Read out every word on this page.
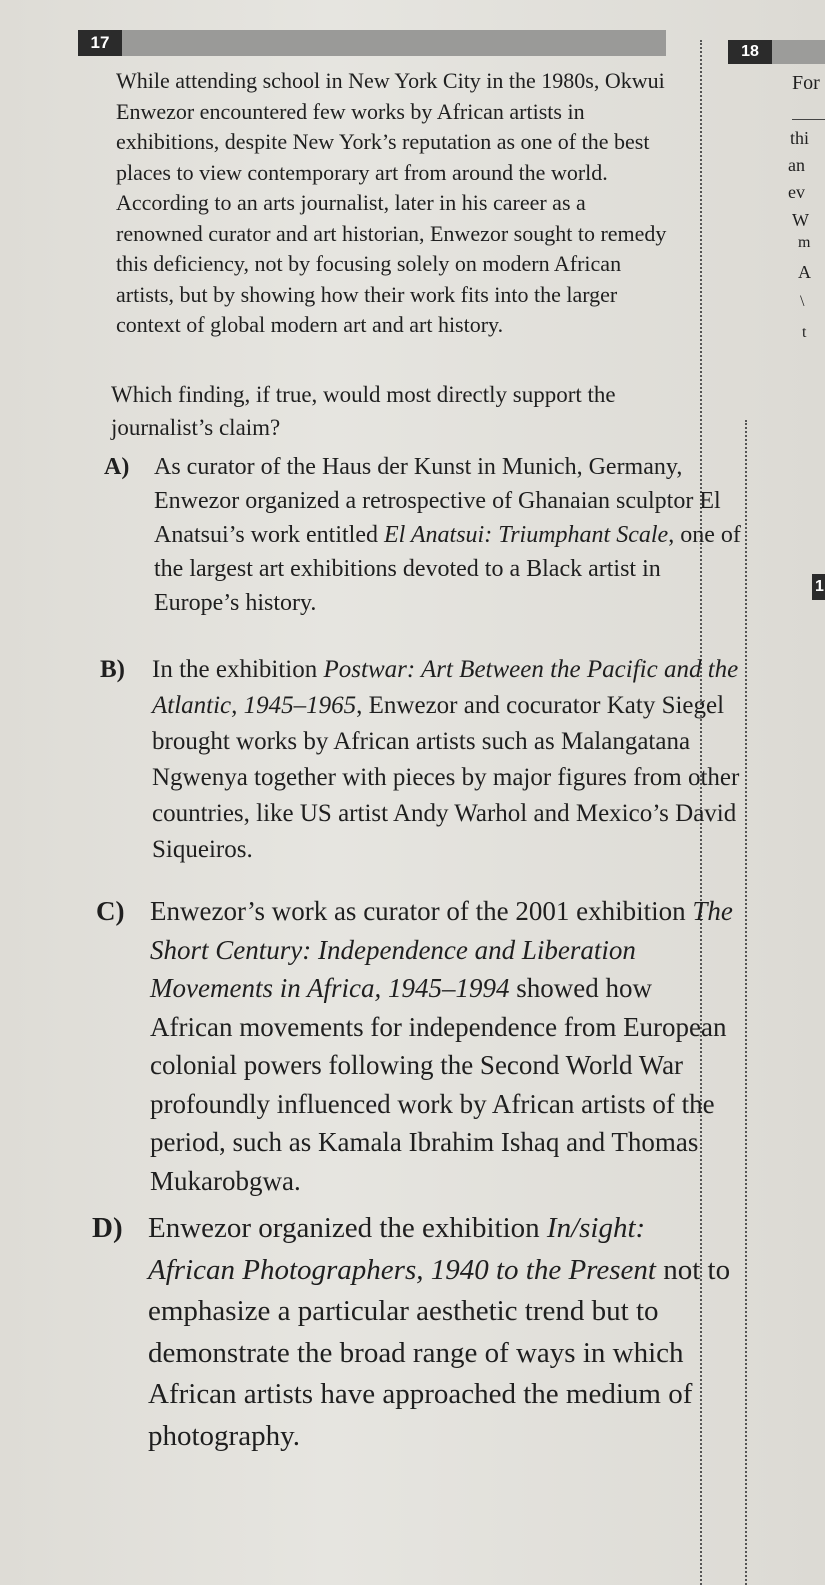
17	18
While attending school in New York City in the 1980s, Okwui Enwezor encountered few works by African artists in exhibitions, despite New York’s reputation as one of the best places to view contemporary art from around the world. According to an arts journalist, later in his career as a renowned curator and art historian, Enwezor sought to remedy this deficiency, not by focusing solely on modern African artists, but by showing how their work fits into the larger context of global modern art and art history.
Which finding, if true, would most directly support the journalist’s claim?
A)	As curator of the Haus der Kunst in Munich, Germany, Enwezor organized a retrospective of Ghanaian sculptor El Anatsui’s work entitled El Anatsui: Triumphant Scale, one of the largest art exhibitions devoted to a Black artist in Europe’s history.
B)	In the exhibition Postwar: Art Between the Pacific and the Atlantic, 1945–1965, Enwezor and cocurator Katy Siegel brought works by African artists such as Malangatana Ngwenya together with pieces by major figures from other countries, like US artist Andy Warhol and Mexico’s David Siqueiros.
C) Enwezor’s work as curator of the 2001 exhibition The Short Century: Independence and Liberation Movements in Africa, 1945–1994 showed how African movements for independence from European colonial powers following the Second World War profoundly influenced work by African artists of the period, such as Kamala Ibrahim Ishaq and Thomas Mukarobgwa.
D) Enwezor organized the exhibition In/sight: African Photographers, 1940 to the Present not to emphasize a particular aesthetic trend but to demonstrate the broad range of ways in which African artists have approached the medium of photography.
For
thi
an
ev
W
m
A
\
t
1
